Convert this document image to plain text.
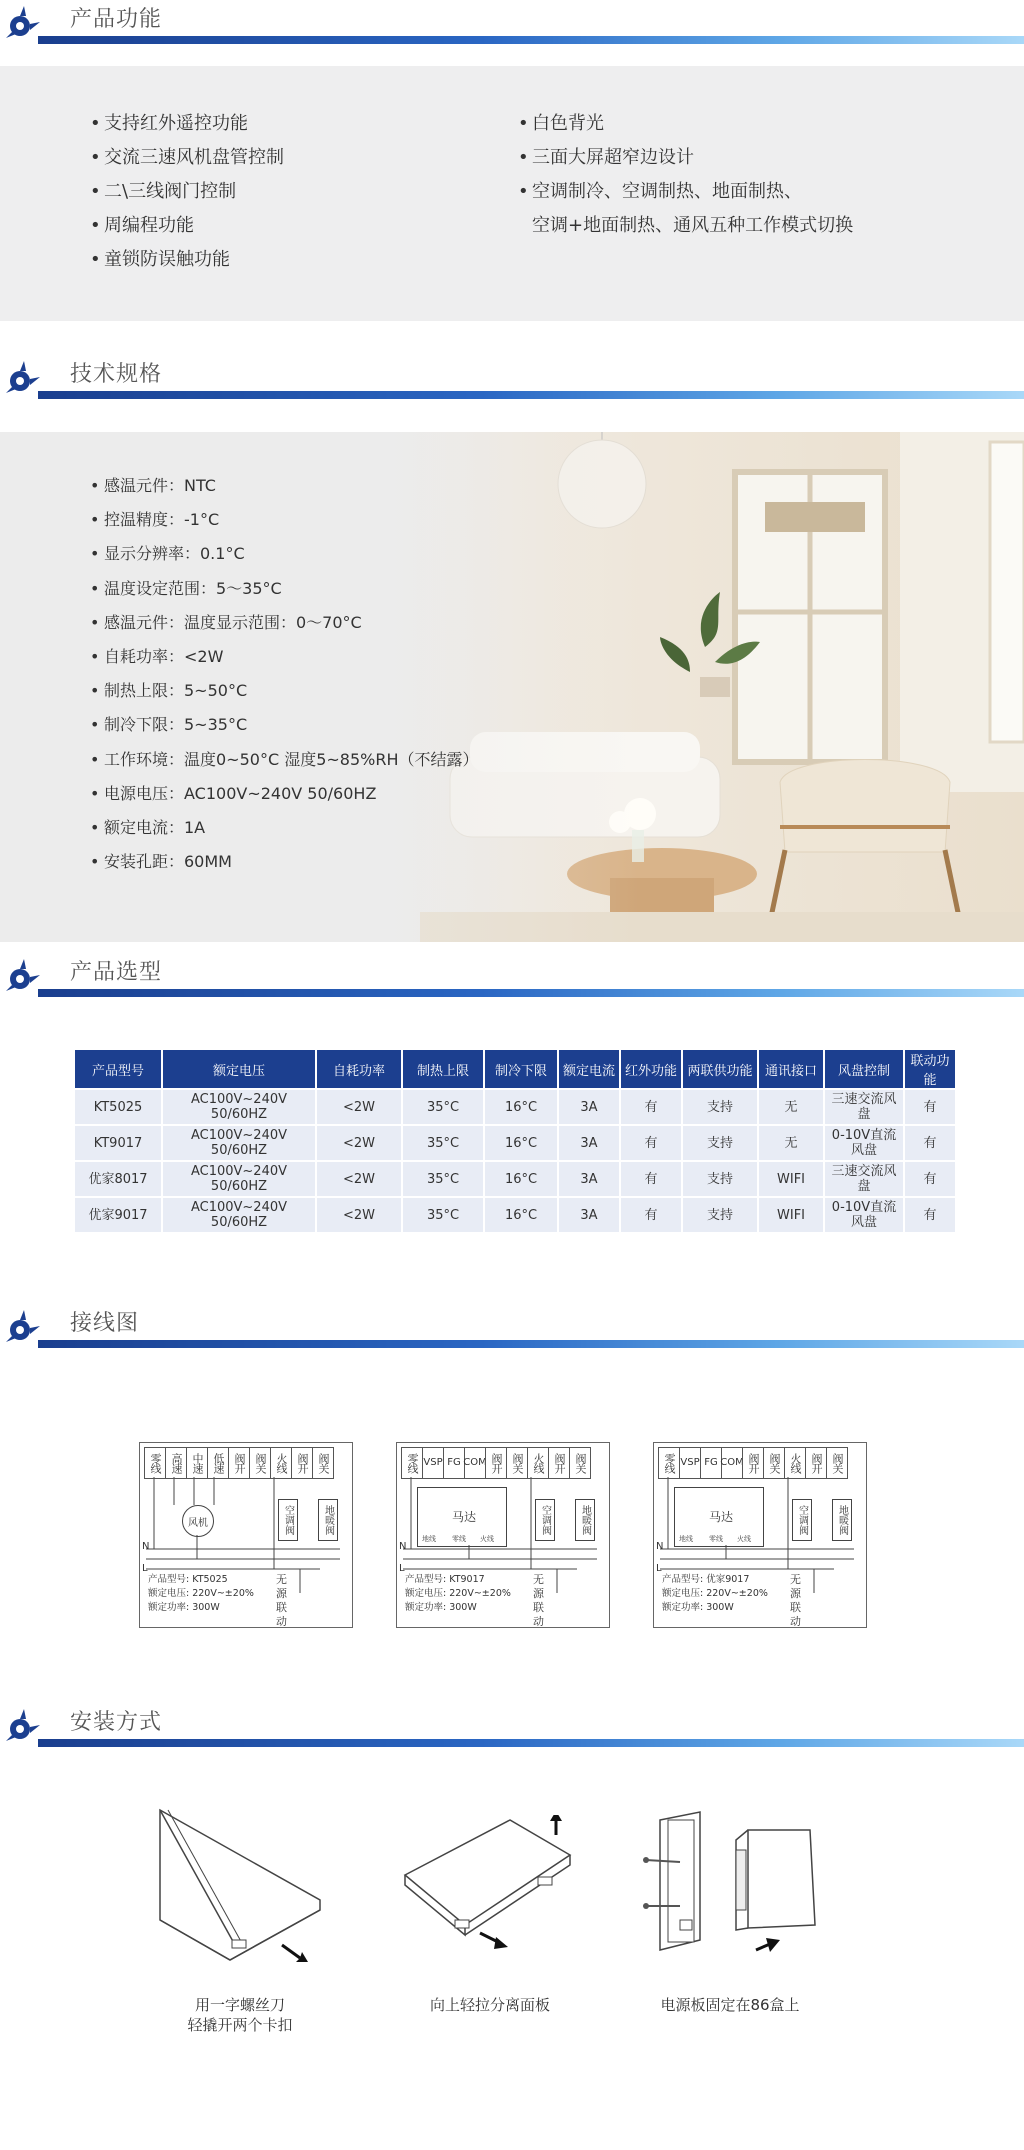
产品功能
• 支持红外遥控功能
• 交流三速风机盘管控制
• 二\三线阀门控制
• 周编程功能
• 童锁防误触功能
• 白色背光
• 三面大屏超窄边设计
• 空调制冷、空调制热、地面制热、
空调+地面制热、通风五种工作模式切换
技术规格
• 感温元件：NTC
• 控温精度：-1°C
• 显示分辨率：0.1°C
• 温度设定范围：5～35°C
• 感温元件：温度显示范围：0～70°C
• 自耗功率：<2W
• 制热上限：5~50°C
• 制冷下限：5~35°C
• 工作环境：温度0~50°C 湿度5~85%RH（不结露）
• 电源电压：AC100V~240V 50/60HZ
• 额定电流：1A
• 安装孔距：60MM
产品选型
产品型号	额定电压	自耗功率	制热上限	制冷下限	额定电流	红外功能	两联供功能	通讯接口	风盘控制	联动功能
KT5025	AC100V~240V 50/60HZ	<2W	35°C	16°C	3A	有	支持	无	三速交流风盘	有
KT9017	AC100V~240V 50/60HZ	<2W	35°C	16°C	3A	有	支持	无	0-10V直流风盘	有
优家8017	AC100V~240V 50/60HZ	<2W	35°C	16°C	3A	有	支持	WIFI	三速交流风盘	有
优家9017	AC100V~240V 50/60HZ	<2W	35°C	16°C	3A	有	支持	WIFI	0-10V直流风盘	有
接线图
零线 高速 中速 低速 阀开 阀关 火线 阀开 阀关
风机	空调阀	地暖阀
N
L
产品型号: KT5025
额定电压: 220V~±20%
额定功率: 300W
无源联动
零线 VSP FG COM 阀开 阀关 火线 阀开 阀关
马达
地线 零线 火线
空调阀	地暖阀
N
L
产品型号: KT9017
额定电压: 220V~±20%
额定功率: 300W
无源联动
零线 VSP FG COM 阀开 阀关 火线 阀开 阀关
马达
地线 零线 火线
空调阀	地暖阀
N
L
产品型号: 优家9017
额定电压: 220V~±20%
额定功率: 300W
无源联动
安装方式
用一字螺丝刀
轻撬开两个卡扣
向上轻拉分离面板	电源板固定在86盒上
